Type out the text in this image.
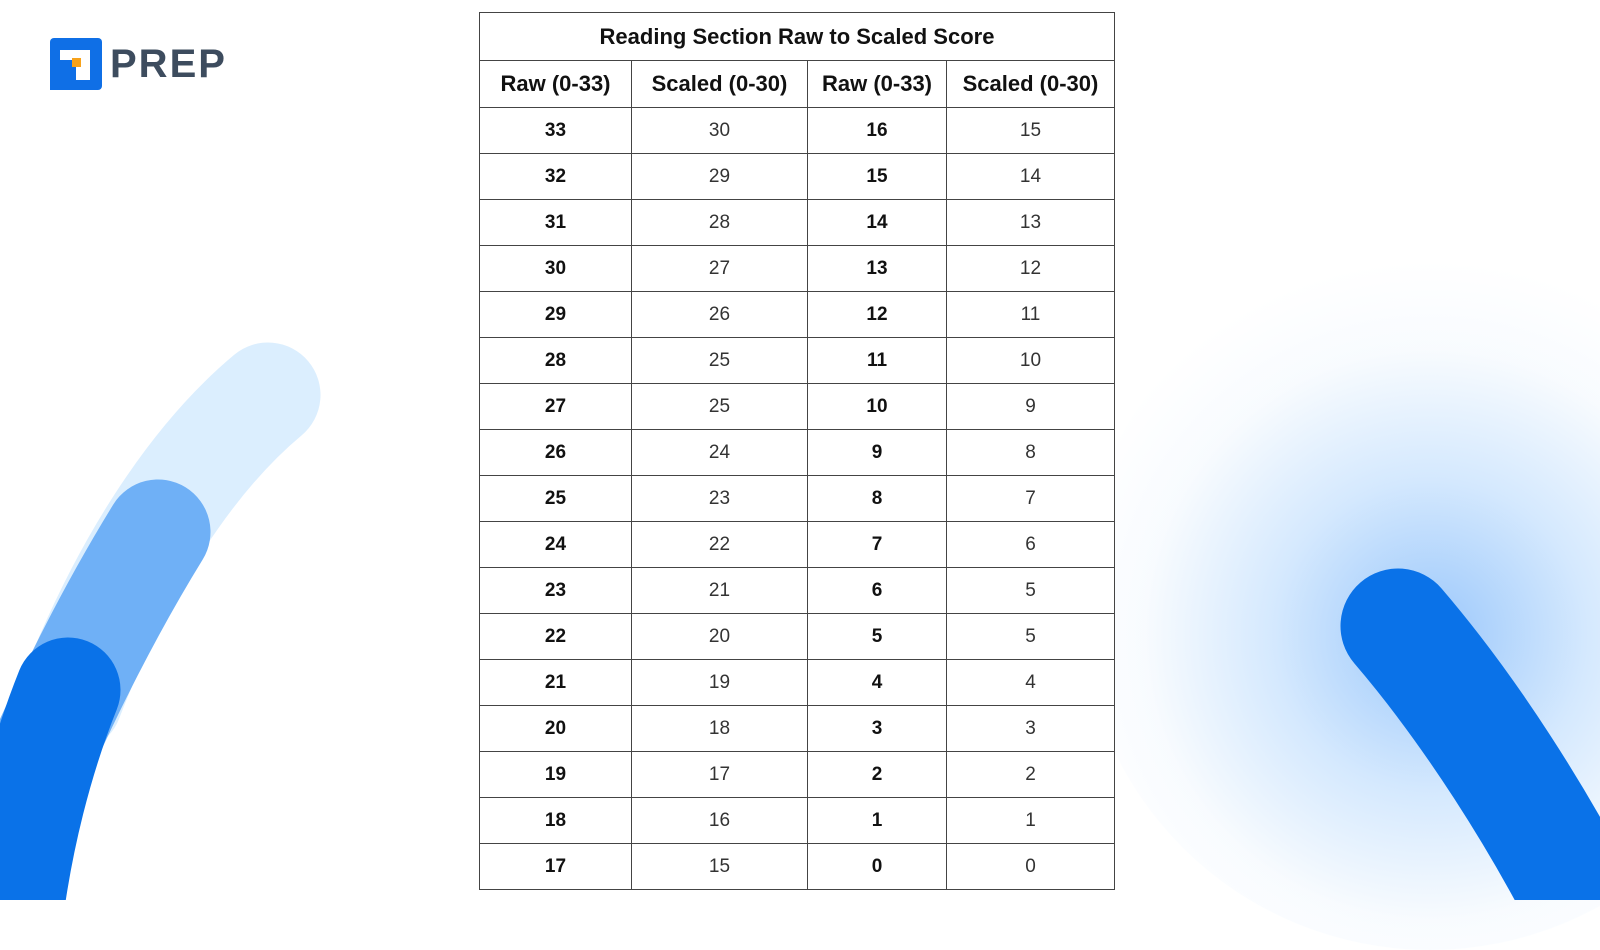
PREP
Reading Section Raw to Scaled Score			
Raw (0-33)	Scaled (0-30)	Raw (0-33)	Scaled (0-30)
33	30	16	15
32	29	15	14
31	28	14	13
30	27	13	12
29	26	12	11
28	25	11	10
27	25	10	9
26	24	9	8
25	23	8	7
24	22	7	6
23	21	6	5
22	20	5	5
21	19	4	4
20	18	3	3
19	17	2	2
18	16	1	1
17	15	0	0
